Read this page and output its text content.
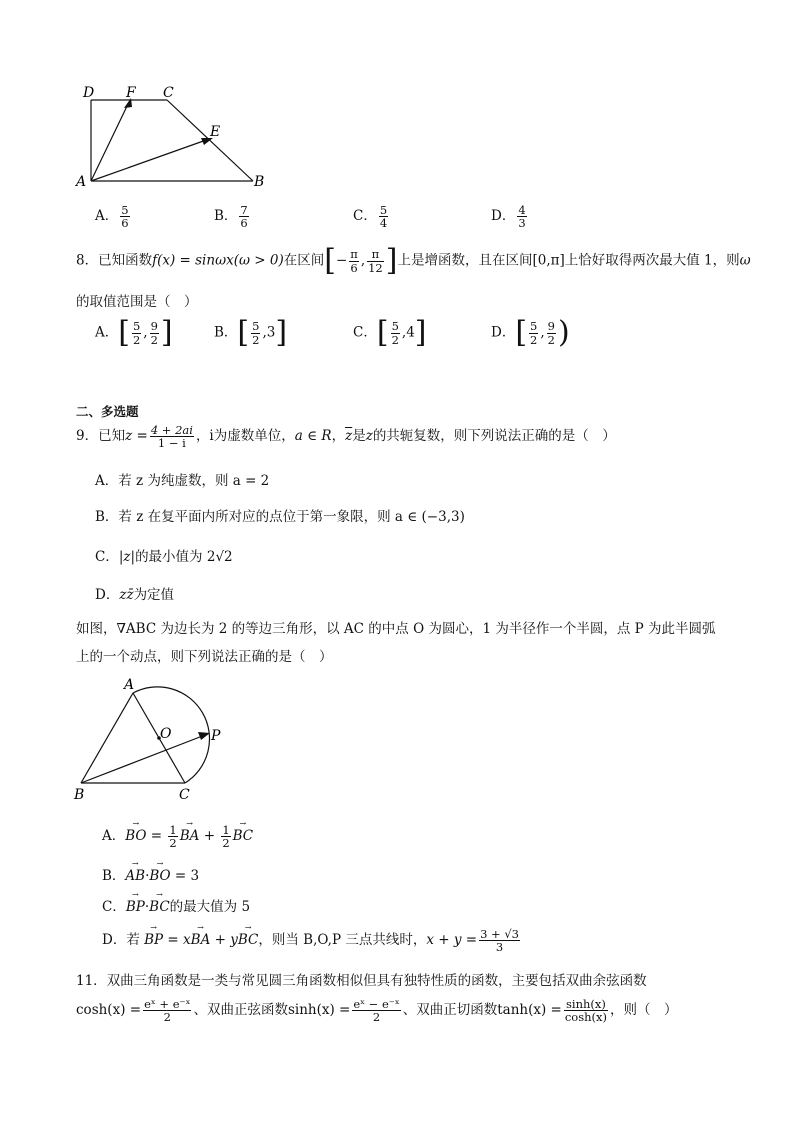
D F C
E
A	B
A． $\frac{5}{6}$	B． $\frac{7}{6}$	C． $\frac{5}{4}$	D． $\frac{4}{3}$
8．已知函数f(x) = sinωx(ω > 0)在区间[− $\frac{\pi}{6}$ , $\frac{\pi}{12}$ ]上是增函数，且在区间[0,π]上恰好取得两次最大值 1，则ω
的取值范围是（　）
A．[ $\frac{5}{2}$ , $\frac{9}{2}$ ]	B．[ $\frac{5}{2} ,3$]	C．[ $\frac{5}{2} ,4$]	D．[ $\frac{5}{2}$ , $\frac{9}{2}$ )
二、多选题
9．已知$z = \frac{4 + 2ai}{1 - i}$ ，i为虚数单位，a ∈ R，$\overline{z}$是z的共轭复数，则下列说法正确的是（　）
A．若 z 为纯虚数，则 a = 2
B．若 z 在复平面内所对应的点位于第一象限，则 a ∈ (−3,3)
C．|z|的最小值为 2√2
D．zz̄为定值
如图，∇ABC 为边长为 2 的等边三角形，以 AC 的中点 O 为圆心，1 为半径作一个半圆，点 P 为此半圆弧
上的一个动点，则下列说法正确的是（　）
A
O	P
B	C
A．→ BO = $\frac{1}{2}$ → BA + $\frac{1}{2}$ → BC
B．→ AB·→ BO = 3
C．→ BP·→ BC的最大值为 5
D．若 → BP = x→ BA + y→ BC，则当 B,O,P 三点共线时，$x + y = \frac{3 + √3}{3}$
11．双曲三角函数是一类与常见圆三角函数相似但具有独特性质的函数，主要包括双曲余弦函数
$\cosh(x) = \frac{\text{eˣ + e⁻ˣ}}{2}$ 、双曲正弦函数$\sinh(x) = \frac{\text{eˣ − e⁻ˣ}}{2}$ 、双曲正切函数$\tanh(x) = \frac{\sinh(x)}{\cosh(x)}$ ，则（　）
